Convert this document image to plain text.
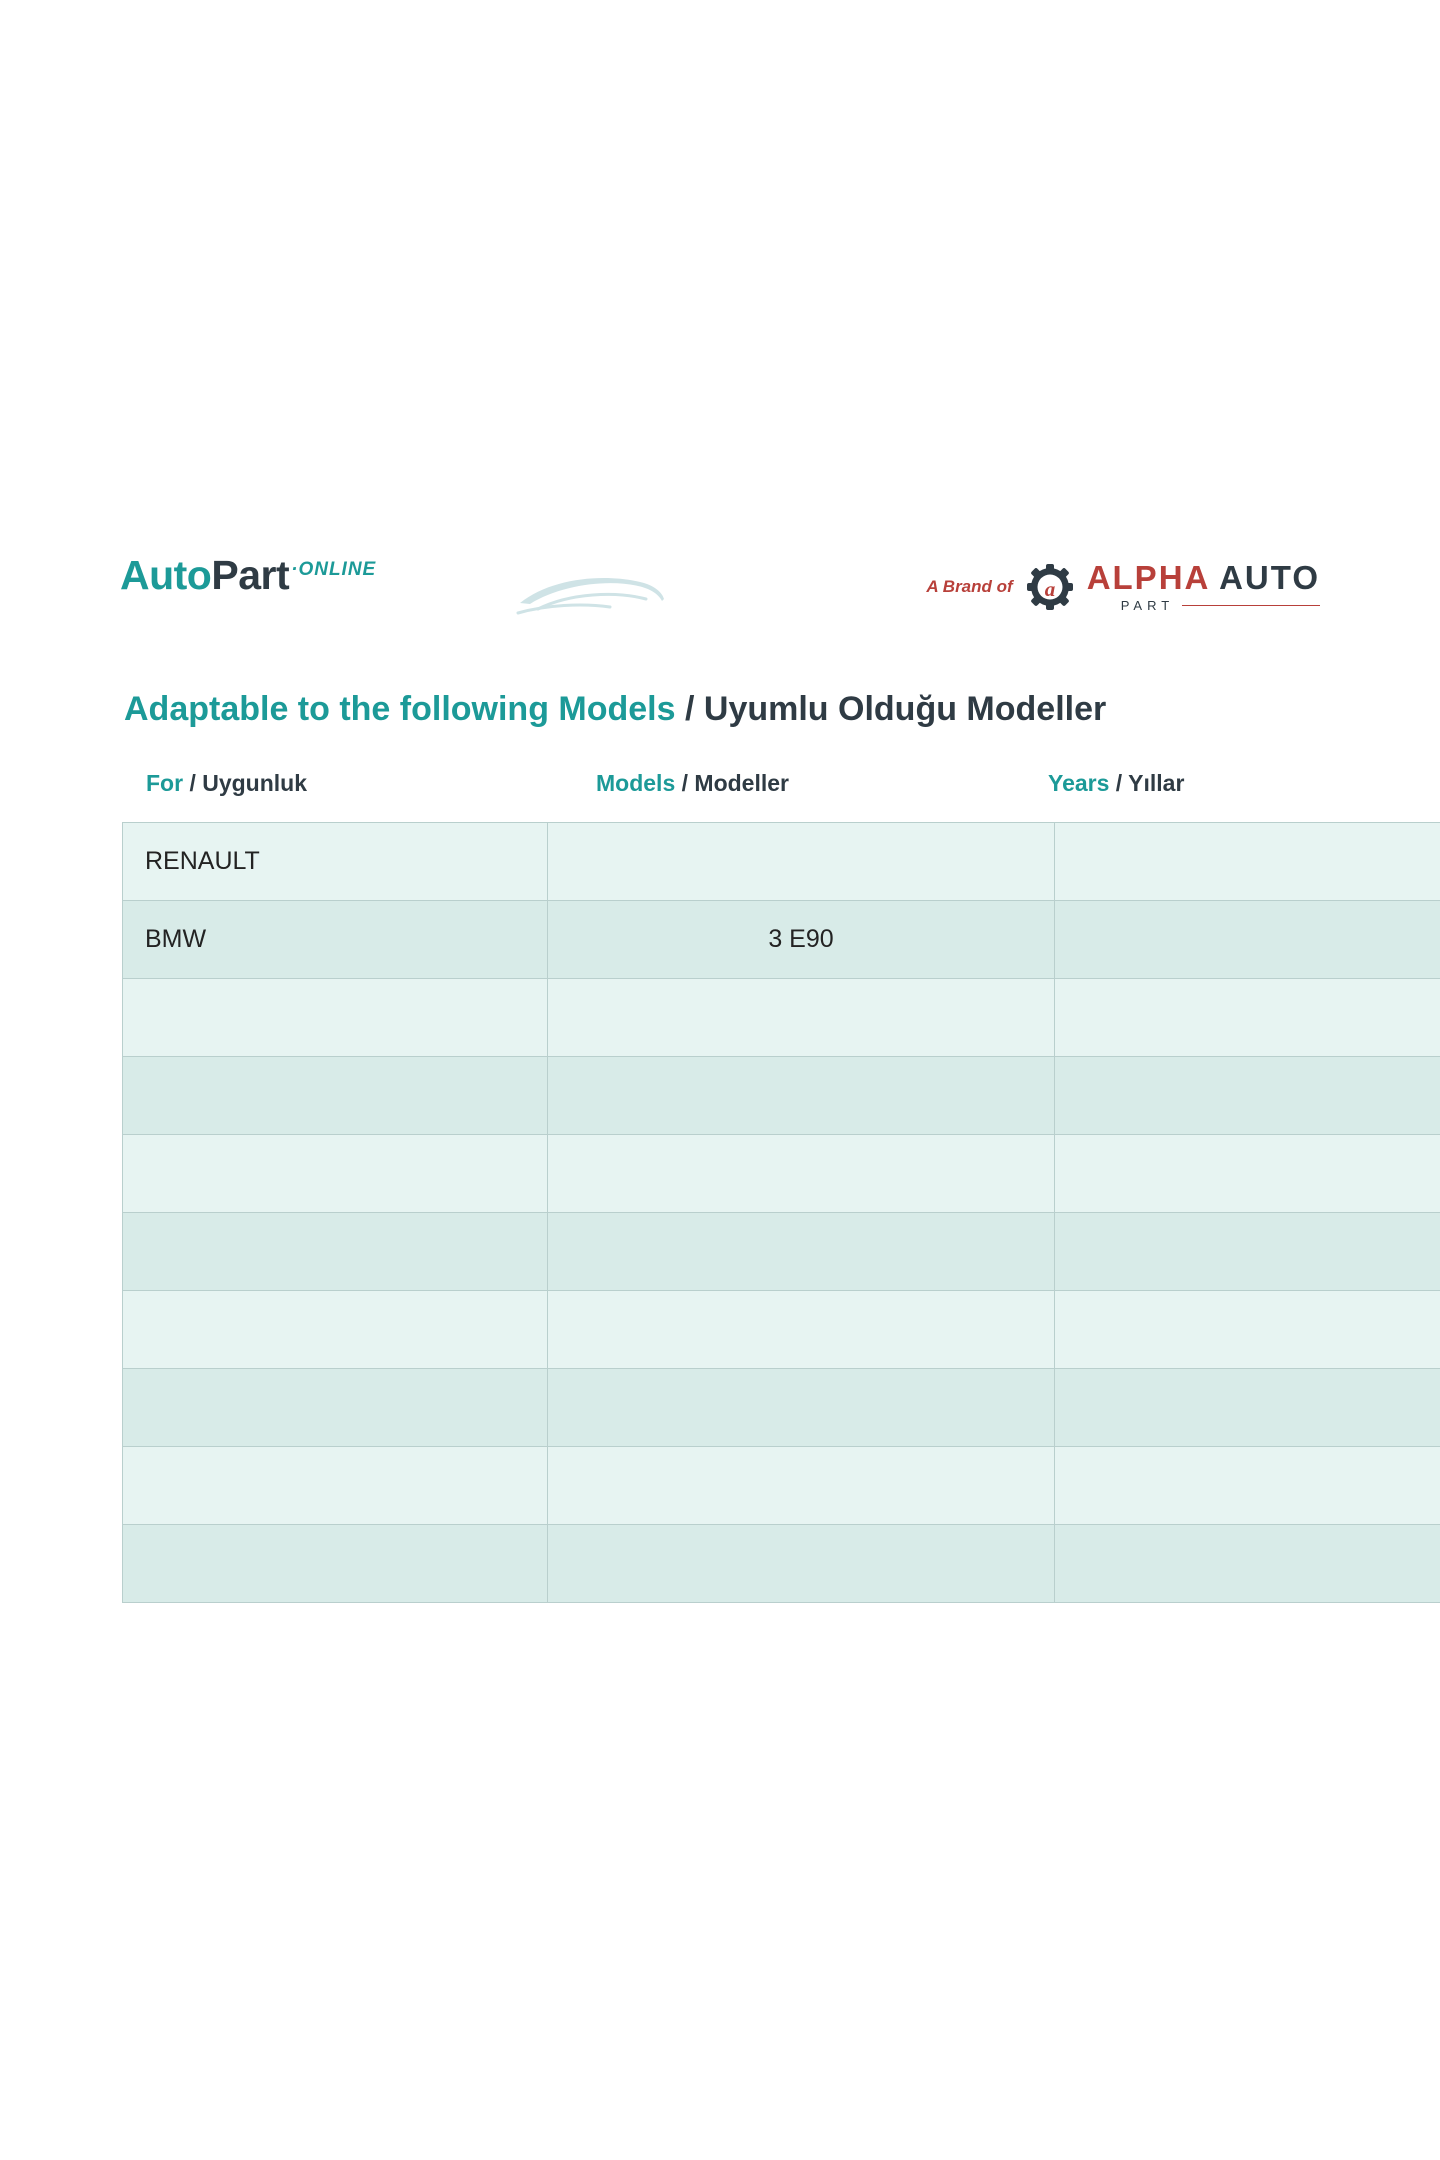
AutoPart ·ONLINE
A Brand of a ALPHA AUTO
PART
Adaptable to the following Models / Uyumlu Olduğu Modeller
For / Uygunluk	Models / Modeller	Years / Yıllar
RENAULT		
BMW	3 E90	
